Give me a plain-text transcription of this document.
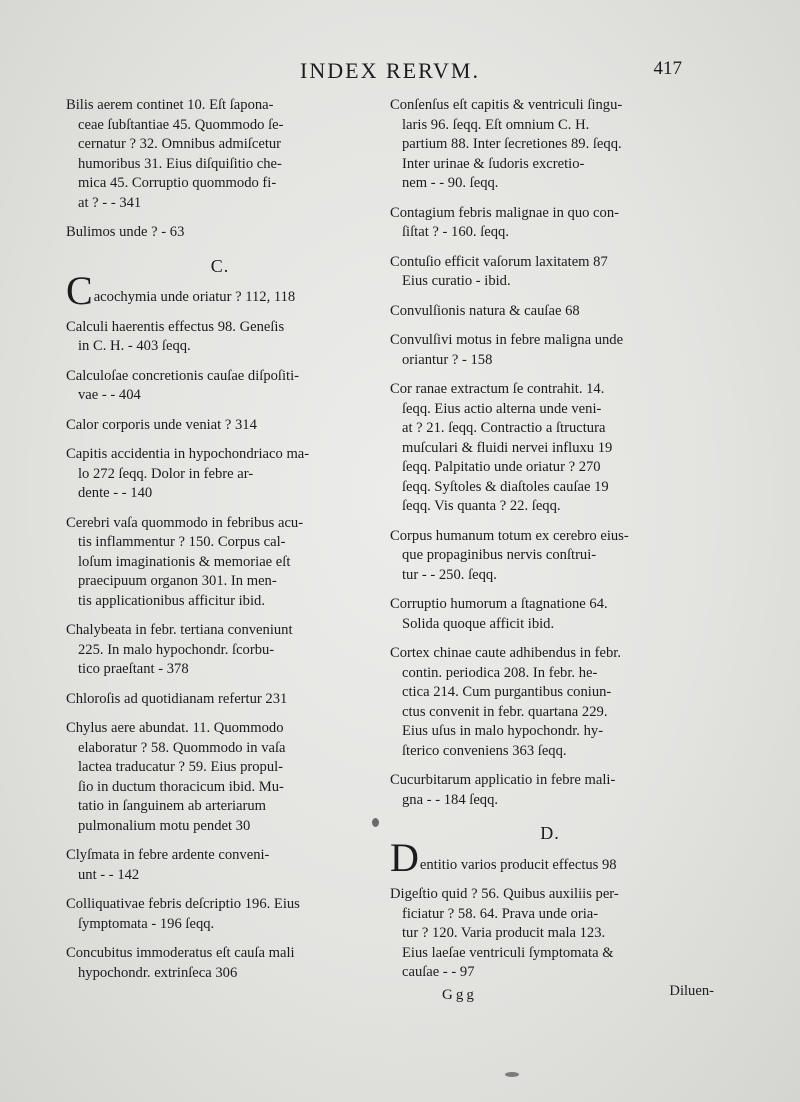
INDEX RERVM.	417
Bilis aerem continet 10. Eſt ſapona-
ceae ſubſtantiae 45. Quommodo ſe-
cernatur ? 32. Omnibus admiſcetur
humoribus 31. Eius diſquiſitio che-
mica 45. Corruptio quommodo fi-
at ? - - 341
Bulimos unde ? - 63
C.
C acochymia unde oriatur ? 112, 118
Calculi haerentis effectus 98. Geneſis
in C. H. - 403 ſeqq.
Calculoſae concretionis cauſae diſpoſiti-
vae - - 404
Calor corporis unde veniat ? 314
Capitis accidentia in hypochondriaco ma-
lo 272 ſeqq. Dolor in febre ar-
dente - - 140
Cerebri vaſa quommodo in febribus acu-
tis inflammentur ? 150. Corpus cal-
loſum imaginationis & memoriae eſt
praecipuum organon 301. In men-
tis applicationibus afficitur ibid.
Chalybeata in febr. tertiana conveniunt
225. In malo hypochondr. ſcorbu-
tico praeſtant - 378
Chloroſis ad quotidianam refertur 231
Chylus aere abundat. 11. Quommodo
elaboratur ? 58. Quommodo in vaſa
lactea traducatur ? 59. Eius propul-
ſio in ductum thoracicum ibid. Mu-
tatio in ſanguinem ab arteriarum
pulmonalium motu pendet 30
Clyſmata in febre ardente conveni-
unt - - 142
Colliquativae febris deſcriptio 196. Eius
ſymptomata - 196 ſeqq.
Concubitus immoderatus eſt cauſa mali
hypochondr. extrinſeca 306
Conſenſus eſt capitis & ventriculi ſingu-
laris 96. ſeqq. Eſt omnium C. H.
partium 88. Inter ſecretiones 89. ſeqq.
Inter urinae & ſudoris excretio-
nem - - 90. ſeqq.
Contagium febris malignae in quo con-
ſiſtat ? - 160. ſeqq.
Contuſio efficit vaſorum laxitatem 87
Eius curatio - ibid.
Convulſionis natura & cauſae 68
Convulſivi motus in febre maligna unde
oriantur ? - 158
Cor ranae extractum ſe contrahit. 14.
ſeqq. Eius actio alterna unde veni-
at ? 21. ſeqq. Contractio a ſtructura
muſculari & fluidi nervei influxu 19
ſeqq. Palpitatio unde oriatur ? 270
ſeqq. Syſtoles & diaſtoles cauſae 19
ſeqq. Vis quanta ? 22. ſeqq.
Corpus humanum totum ex cerebro eius-
que propaginibus nervis conſtrui-
tur - - 250. ſeqq.
Corruptio humorum a ſtagnatione 64.
Solida quoque afficit ibid.
Cortex chinae caute adhibendus in febr.
contin. periodica 208. In febr. he-
ctica 214. Cum purgantibus coniun-
ctus convenit in febr. quartana 229.
Eius uſus in malo hypochondr. hy-
ſterico conveniens 363 ſeqq.
Cucurbitarum applicatio in febre mali-
gna - - 184 ſeqq.
D.
D entitio varios producit effectus 98
Digeſtio quid ? 56. Quibus auxiliis per-
ficiatur ? 58. 64. Prava unde oria-
tur ? 120. Varia producit mala 123.
Eius laeſae ventriculi ſymptomata &
cauſae - - 97
Ggg	Diluen-
